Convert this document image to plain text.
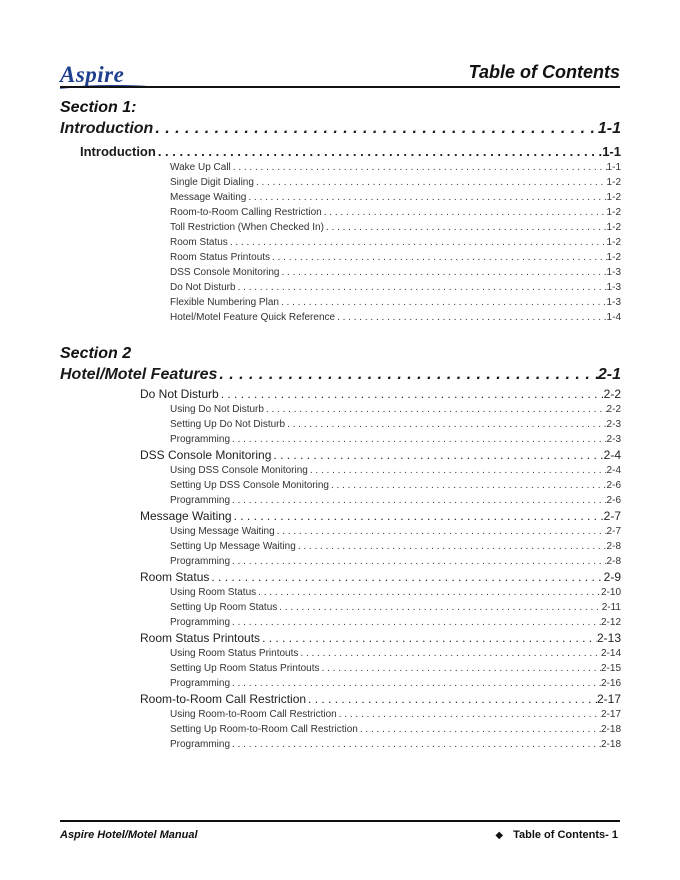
Aspire	Table of Contents
Section 1:
Introduction . . .	1-1
Introduction . . .	1-1
Wake Up Call . . .	1-1
Single Digit Dialing . . .	1-2
Message Waiting . . .	1-2
Room-to-Room Calling Restriction . . .	1-2
Toll Restriction (When Checked In) . . .	1-2
Room Status . . .	1-2
Room Status Printouts . . .	1-2
DSS Console Monitoring . . .	1-3
Do Not Disturb . . .	1-3
Flexible Numbering Plan . . .	1-3
Hotel/Motel Feature Quick Reference . . .	1-4
Section 2
Hotel/Motel Features . . .	2-1
Do Not Disturb . . .	2-2
Using Do Not Disturb . . .	2-2
Setting Up Do Not Disturb . . .	2-3
Programming . . .	2-3
DSS Console Monitoring . . .	2-4
Using DSS Console Monitoring . . .	2-4
Setting Up DSS Console Monitoring . . .	2-6
Programming . . .	2-6
Message Waiting . . .	2-7
Using Message Waiting . . .	2-7
Setting Up Message Waiting . . .	2-8
Programming . . .	2-8
Room Status . . .	2-9
Using Room Status . . .	2-10
Setting Up Room Status . . .	2-11
Programming . . .	2-12
Room Status Printouts . . .	2-13
Using Room Status Printouts . . .	2-14
Setting Up Room Status Printouts . . .	2-15
Programming . . .	2-16
Room-to-Room Call Restriction . . .	2-17
Using Room-to-Room Call Restriction . . .	2-17
Setting Up Room-to-Room Call Restriction . . .	2-18
Programming . . .	2-18
Aspire Hotel/Motel Manual	◆ Table of Contents- 1
